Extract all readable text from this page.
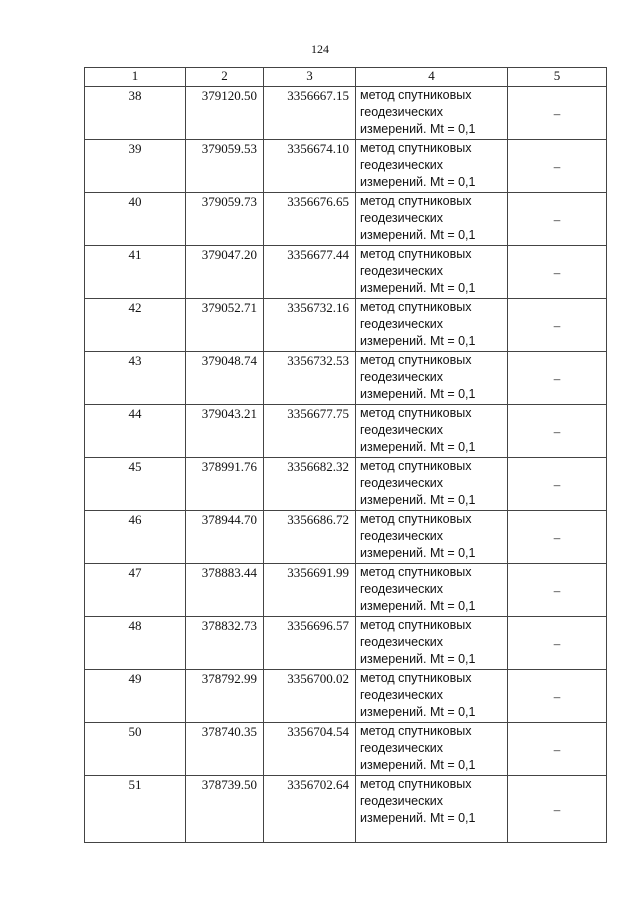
124
1	2	3	4	5
38	379120.50	3356667.15	метод спутниковых
геодезических
измерений. Mt = 0,1	–
39	379059.53	3356674.10	метод спутниковых
геодезических
измерений. Mt = 0,1	–
40	379059.73	3356676.65	метод спутниковых
геодезических
измерений. Mt = 0,1	–
41	379047.20	3356677.44	метод спутниковых
геодезических
измерений. Mt = 0,1	–
42	379052.71	3356732.16	метод спутниковых
геодезических
измерений. Mt = 0,1	–
43	379048.74	3356732.53	метод спутниковых
геодезических
измерений. Mt = 0,1	–
44	379043.21	3356677.75	метод спутниковых
геодезических
измерений. Mt = 0,1	–
45	378991.76	3356682.32	метод спутниковых
геодезических
измерений. Mt = 0,1	–
46	378944.70	3356686.72	метод спутниковых
геодезических
измерений. Mt = 0,1	–
47	378883.44	3356691.99	метод спутниковых
геодезических
измерений. Mt = 0,1	–
48	378832.73	3356696.57	метод спутниковых
геодезических
измерений. Mt = 0,1	–
49	378792.99	3356700.02	метод спутниковых
геодезических
измерений. Mt = 0,1	–
50	378740.35	3356704.54	метод спутниковых
геодезических
измерений. Mt = 0,1	–
51	378739.50	3356702.64	метод спутниковых
геодезических
измерений. Mt = 0,1	–
